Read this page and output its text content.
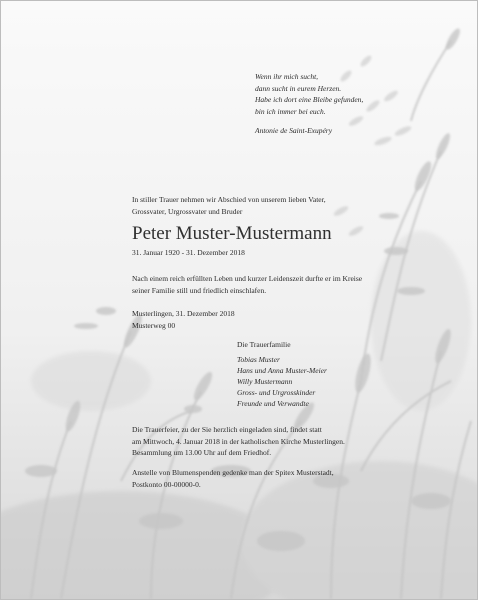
Wenn ihr mich sucht,
dann sucht in eurem Herzen.
Habe ich dort eine Bleibe gefunden,
bin ich immer bei euch.
Antonie de Saint-Exupéry
In stiller Trauer nehmen wir Abschied von unserem lieben Vater,
Grossvater, Urgrossvater und Bruder
Peter Muster-Mustermann
31. Januar 1920 - 31. Dezember 2018
Nach einem reich erfüllten Leben und kurzer Leidenszeit durfte er im Kreise
seiner Familie still und friedlich einschlafen.
Musterlingen, 31. Dezember 2018
Musterweg 00
Die Trauerfamilie
Tobias Muster
Hans und Anna Muster-Meier
Willy Mustermann
Gross- und Urgrosskinder
Freunde und Verwandte
Die Trauerfeier, zu der Sie herzlich eingeladen sind, findet statt
am Mittwoch, 4. Januar 2018 in der katholischen Kirche Musterlingen.
Besammlung um 13.00 Uhr auf dem Friedhof.
Anstelle von Blumenspenden gedenke man der Spitex Musterstadt,
Postkonto 00-00000-0.
